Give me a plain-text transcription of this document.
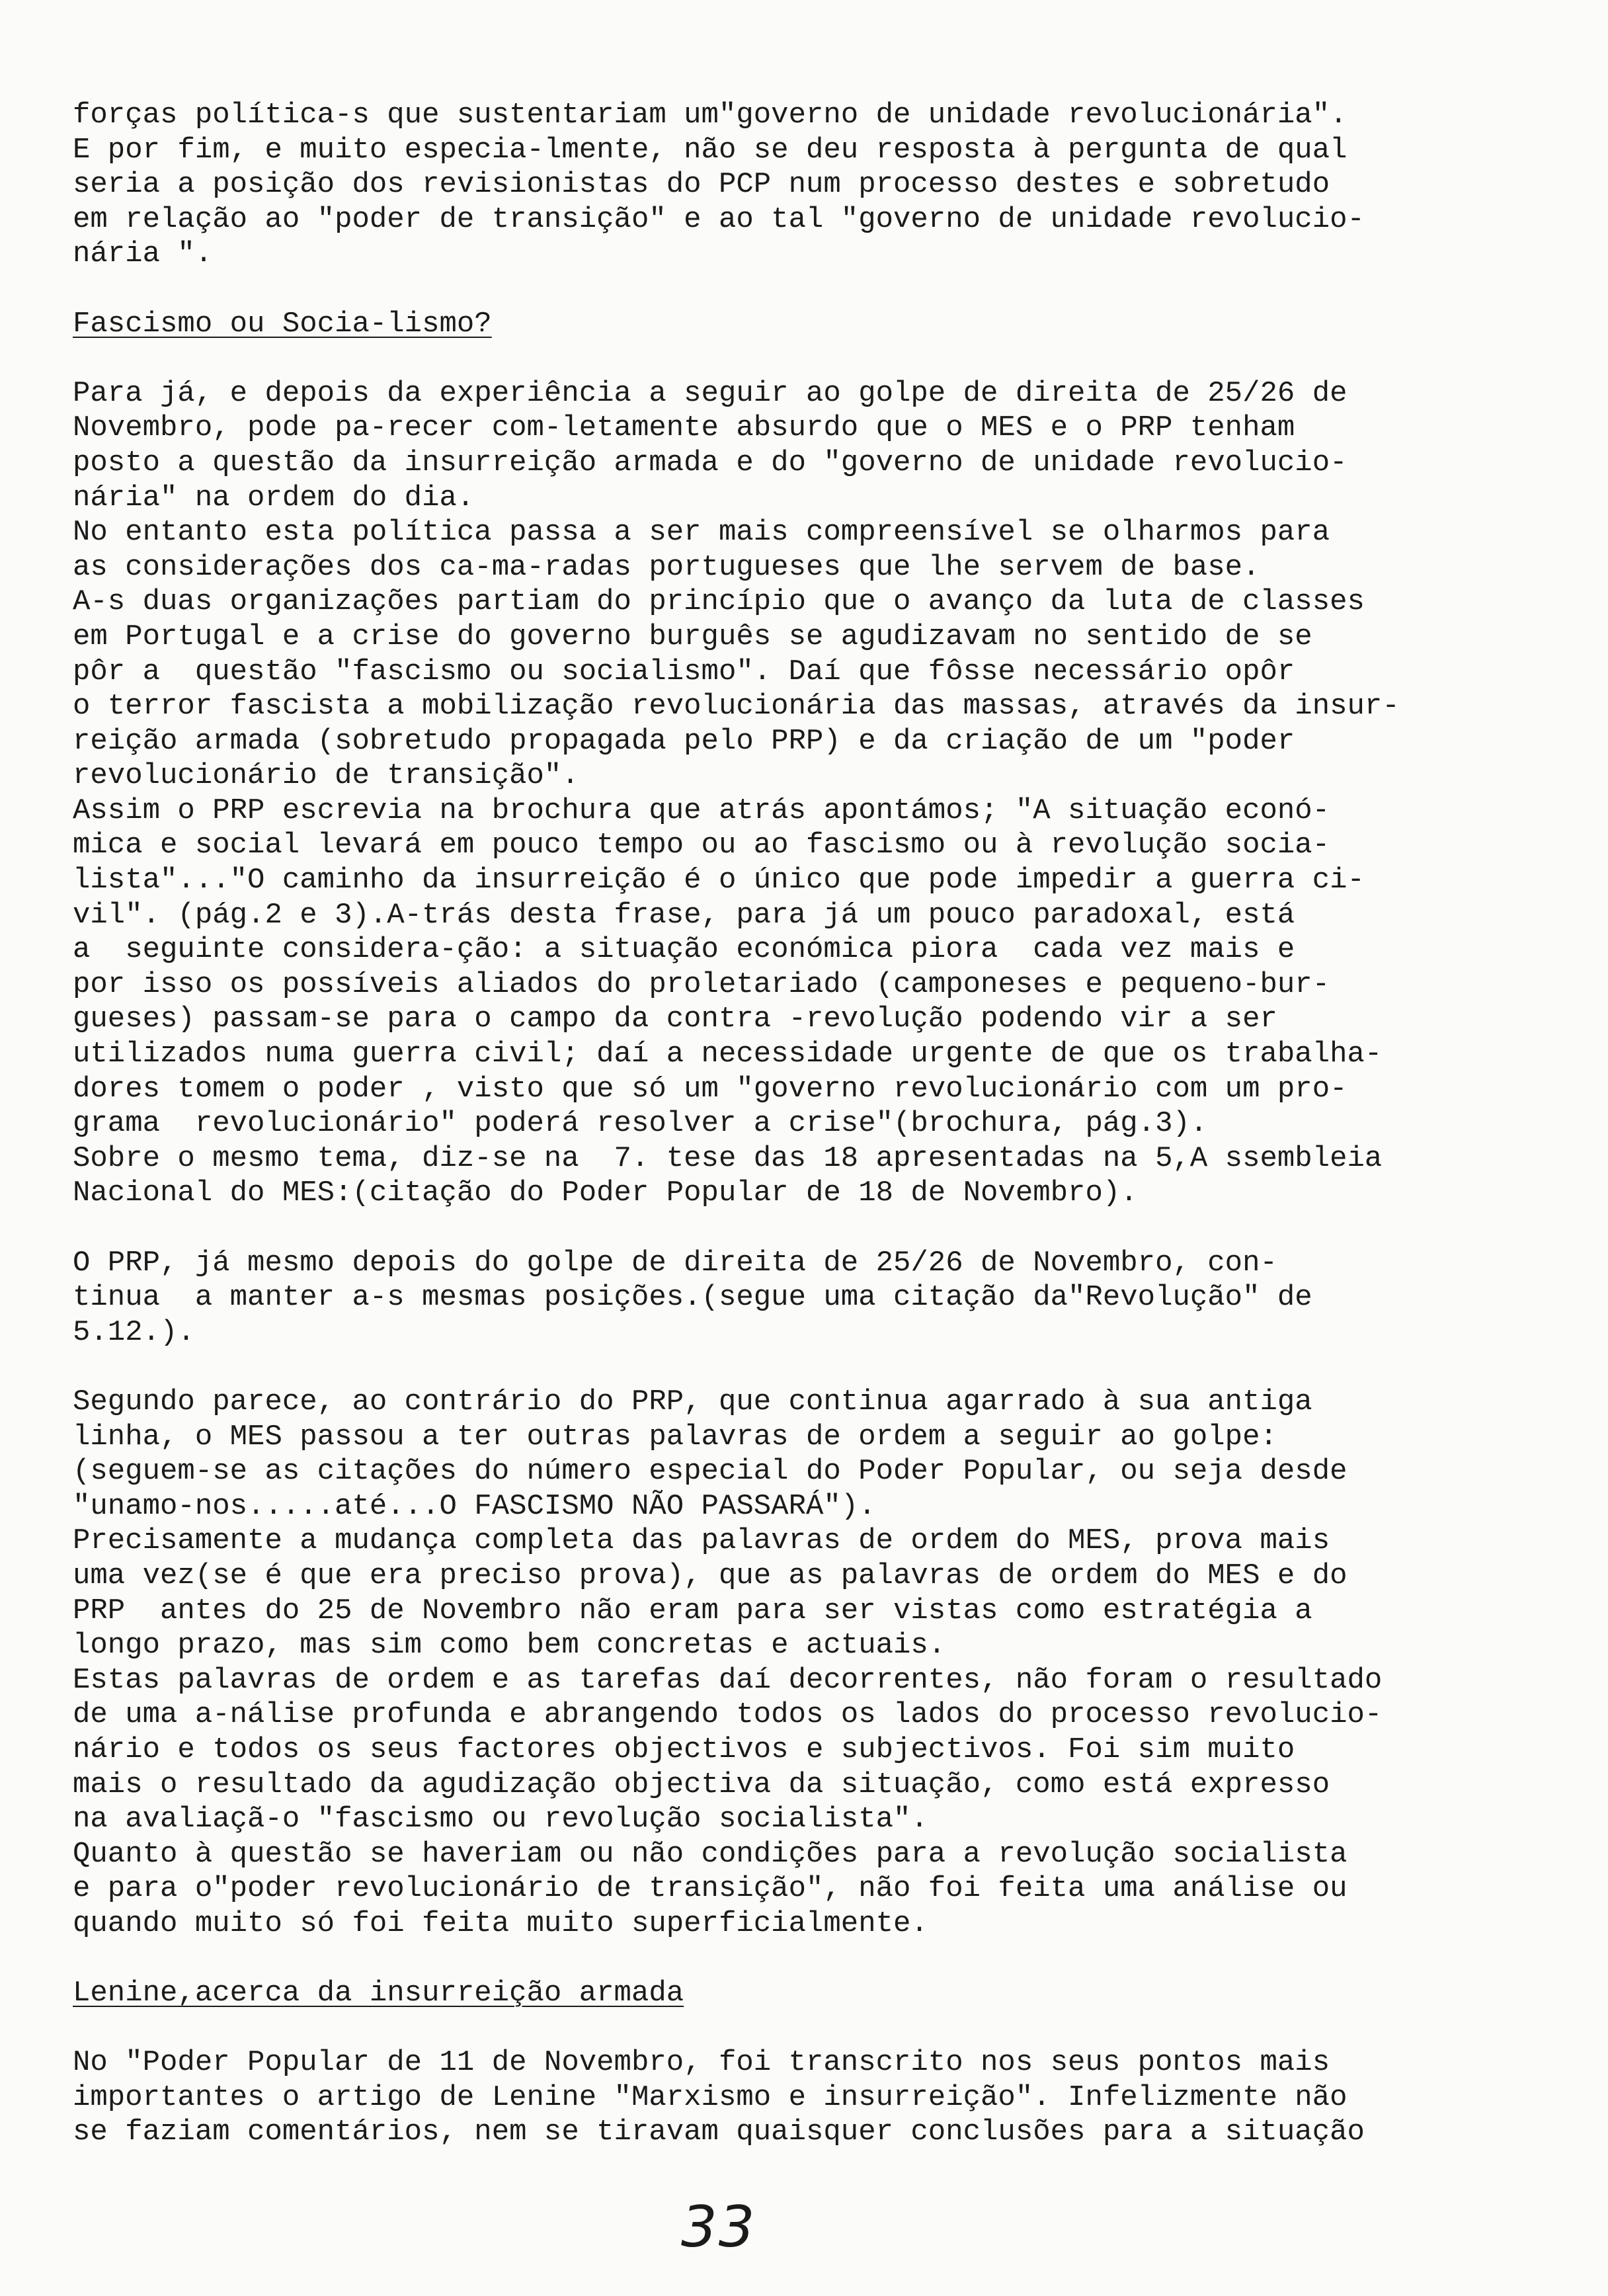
forças política-s que sustentariam um"governo de unidade revolucionária".
E por fim, e muito especia-lmente, não se deu resposta à pergunta de qual
seria a posição dos revisionistas do PCP num processo destes e sobretudo
em relação ao "poder de transição" e ao tal "governo de unidade revolucio-
nária ".
Fascismo ou Socia-lismo?
Para já, e depois da experiência a seguir ao golpe de direita de 25/26 de
Novembro, pode pa-recer com-letamente absurdo que o MES e o PRP tenham
posto a questão da insurreição armada e do "governo de unidade revolucio-
nária" na ordem do dia.
No entanto esta política passa a ser mais compreensível se olharmos para
as considerações dos ca-ma-radas portugueses que lhe servem de base.
A-s duas organizações partiam do princípio que o avanço da luta de classes
em Portugal e a crise do governo burguês se agudizavam no sentido de se
pôr a  questão "fascismo ou socialismo". Daí que fôsse necessário opôr
o terror fascista a mobilização revolucionária das massas, através da insur-
reição armada (sobretudo propagada pelo PRP) e da criação de um "poder
revolucionário de transição".
Assim o PRP escrevia na brochura que atrás apontámos; "A situação econó-
mica e social levará em pouco tempo ou ao fascismo ou à revolução socia-
lista"..."O caminho da insurreição é o único que pode impedir a guerra ci-
vil". (pág.2 e 3).A-trás desta frase, para já um pouco paradoxal, está
a  seguinte considera-ção: a situação económica piora  cada vez mais e
por isso os possíveis aliados do proletariado (camponeses e pequeno-bur-
gueses) passam-se para o campo da contra -revolução podendo vir a ser
utilizados numa guerra civil; daí a necessidade urgente de que os trabalha-
dores tomem o poder , visto que só um "governo revolucionário com um pro-
grama  revolucionário" poderá resolver a crise"(brochura, pág.3).
Sobre o mesmo tema, diz-se na  7. tese das 18 apresentadas na 5,A ssembleia
Nacional do MES:(citação do Poder Popular de 18 de Novembro).
O PRP, já mesmo depois do golpe de direita de 25/26 de Novembro, con-
tinua  a manter a-s mesmas posições.(segue uma citação da"Revolução" de
5.12.).
Segundo parece, ao contrário do PRP, que continua agarrado à sua antiga
linha, o MES passou a ter outras palavras de ordem a seguir ao golpe:
(seguem-se as citações do número especial do Poder Popular, ou seja desde
"unamo-nos.....até...O FASCISMO NÃO PASSARÁ").
Precisamente a mudança completa das palavras de ordem do MES, prova mais
uma vez(se é que era preciso prova), que as palavras de ordem do MES e do
PRP  antes do 25 de Novembro não eram para ser vistas como estratégia a
longo prazo, mas sim como bem concretas e actuais.
Estas palavras de ordem e as tarefas daí decorrentes, não foram o resultado
de uma a-nálise profunda e abrangendo todos os lados do processo revolucio-
nário e todos os seus factores objectivos e subjectivos. Foi sim muito
mais o resultado da agudização objectiva da situação, como está expresso
na avaliaçã-o "fascismo ou revolução socialista".
Quanto à questão se haveriam ou não condições para a revolução socialista
e para o"poder revolucionário de transição", não foi feita uma análise ou
quando muito só foi feita muito superficialmente.
Lenine,acerca da insurreição armada
No "Poder Popular de 11 de Novembro, foi transcrito nos seus pontos mais
importantes o artigo de Lenine "Marxismo e insurreição". Infelizmente não
se faziam comentários, nem se tiravam quaisquer conclusões para a situação
33
